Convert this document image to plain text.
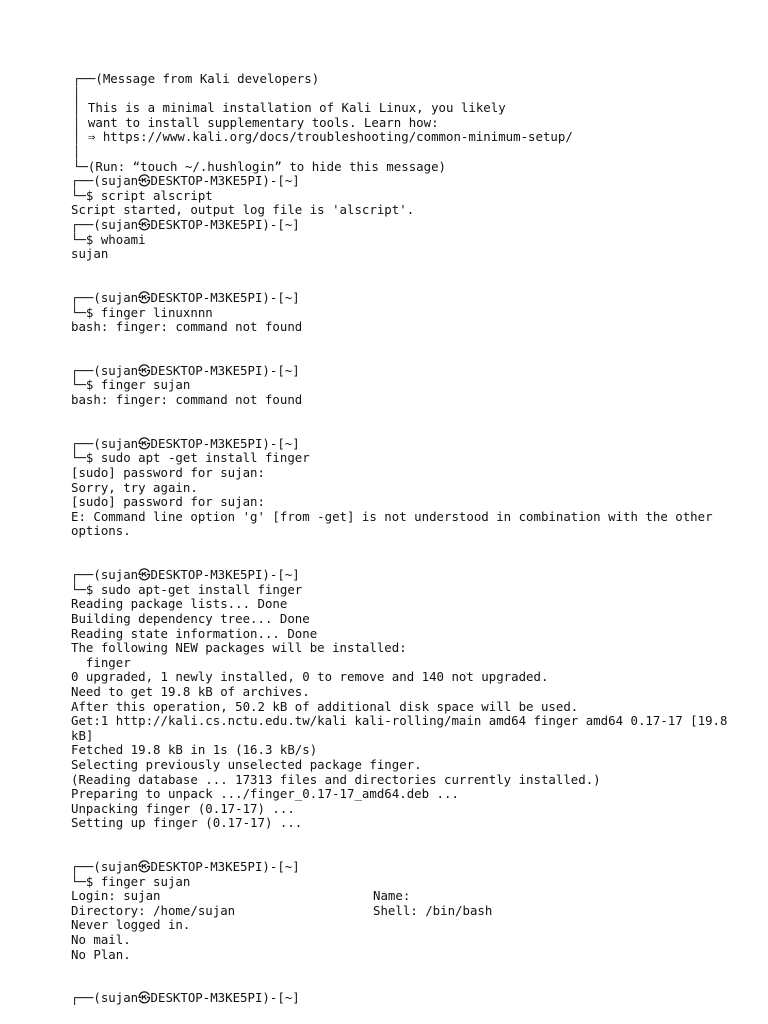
┌──(Message from Kali developers)
│
│ This is a minimal installation of Kali Linux, you likely
│ want to install supplementary tools. Learn how:
│ ⇒ https://www.kali.org/docs/troubleshooting/common-minimum-setup/
│
└─(Run: “touch ~/.hushlogin” to hide this message)
┌──(sujan㉿DESKTOP-M3KE5PI)-[~]
└─$ script alscript
Script started, output log file is 'alscript'.
┌──(sujan㉿DESKTOP-M3KE5PI)-[~]
└─$ whoami
sujan
┌──(sujan㉿DESKTOP-M3KE5PI)-[~]
└─$ finger linuxnnn
bash: finger: command not found
┌──(sujan㉿DESKTOP-M3KE5PI)-[~]
└─$ finger sujan
bash: finger: command not found
┌──(sujan㉿DESKTOP-M3KE5PI)-[~]
└─$ sudo apt -get install finger
[sudo] password for sujan:
Sorry, try again.
[sudo] password for sujan:
E: Command line option 'g' [from -get] is not understood in combination with the other options.
┌──(sujan㉿DESKTOP-M3KE5PI)-[~]
└─$ sudo apt-get install finger
Reading package lists... Done
Building dependency tree... Done
Reading state information... Done
The following NEW packages will be installed:
finger
0 upgraded, 1 newly installed, 0 to remove and 140 not upgraded.
Need to get 19.8 kB of archives.
After this operation, 50.2 kB of additional disk space will be used.
Get:1 http://kali.cs.nctu.edu.tw/kali kali-rolling/main amd64 finger amd64 0.17-17 [19.8 kB]
Fetched 19.8 kB in 1s (16.3 kB/s)
Selecting previously unselected package finger.
(Reading database ... 17313 files and directories currently installed.)
Preparing to unpack .../finger_0.17-17_amd64.deb ...
Unpacking finger (0.17-17) ...
Setting up finger (0.17-17) ...
┌──(sujan㉿DESKTOP-M3KE5PI)-[~]
└─$ finger sujan
Login: sujan	Name:
Directory: /home/sujan	Shell: /bin/bash
Never logged in.
No mail.
No Plan.
┌──(sujan㉿DESKTOP-M3KE5PI)-[~]
